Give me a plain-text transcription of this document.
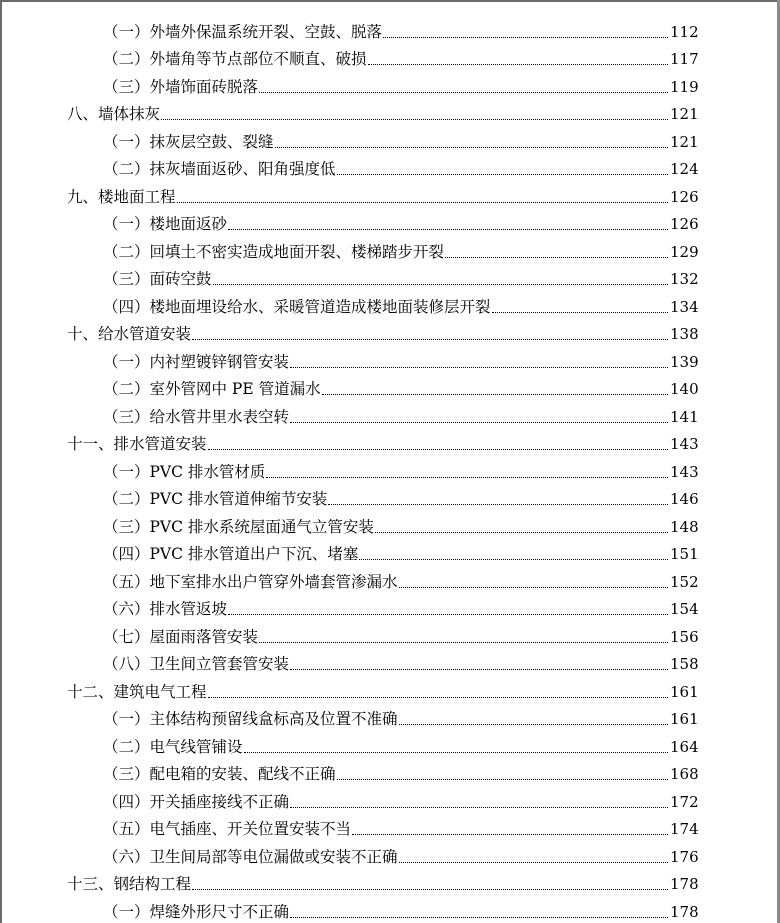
（一）外墙外保温系统开裂、空鼓、脱落	112
（二）外墙角等节点部位不顺直、破损	117
（三）外墙饰面砖脱落	119
八、墙体抹灰	121
（一）抹灰层空鼓、裂缝	121
（二）抹灰墙面返砂、阳角强度低	124
九、楼地面工程	126
（一）楼地面返砂	126
（二）回填土不密实造成地面开裂、楼梯踏步开裂	129
（三）面砖空鼓	132
（四）楼地面埋设给水、采暖管道造成楼地面装修层开裂	134
十、给水管道安装	138
（一）内衬塑镀锌钢管安装	139
（二）室外管网中 PE 管道漏水	140
（三）给水管井里水表空转	141
十一、排水管道安装	143
（一）PVC 排水管材质	143
（二）PVC 排水管道伸缩节安装	146
（三）PVC 排水系统屋面通气立管安装	148
（四）PVC 排水管道出户下沉、堵塞	151
（五）地下室排水出户管穿外墙套管渗漏水	152
（六）排水管返坡	154
（七）屋面雨落管安装	156
（八）卫生间立管套管安装	158
十二、建筑电气工程	161
（一）主体结构预留线盒标高及位置不准确	161
（二）电气线管铺设	164
（三）配电箱的安装、配线不正确	168
（四）开关插座接线不正确	172
（五）电气插座、开关位置安装不当	174
（六）卫生间局部等电位漏做或安装不正确	176
十三、钢结构工程	178
（一）焊缝外形尺寸不正确	178
